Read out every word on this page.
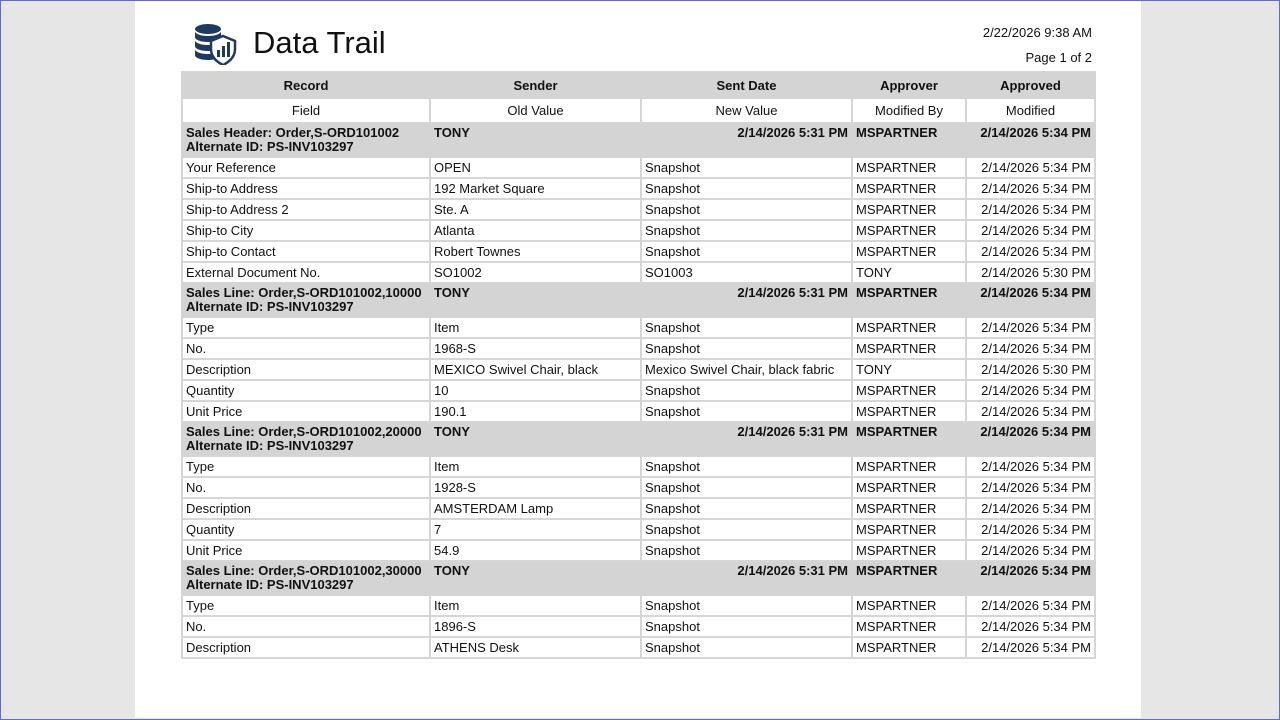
Data Trail	2/22/2026 9:38 AM
Page 1 of 2
Record	Sender	Sent Date	Approver	Approved
Field	Old Value	New Value	Modified By	Modified

Sales Header: Order,S-ORD101002
Alternate ID: PS-INV103297	TONY	2/14/2026 5:31 PM	MSPARTNER	2/14/2026 5:34 PM
Your Reference	OPEN	Snapshot	MSPARTNER	2/14/2026 5:34 PM
Ship-to Address	192 Market Square	Snapshot	MSPARTNER	2/14/2026 5:34 PM
Ship-to Address 2	Ste. A	Snapshot	MSPARTNER	2/14/2026 5:34 PM
Ship-to City	Atlanta	Snapshot	MSPARTNER	2/14/2026 5:34 PM
Ship-to Contact	Robert Townes	Snapshot	MSPARTNER	2/14/2026 5:34 PM
External Document No.	SO1002	SO1003	TONY	2/14/2026 5:30 PM

Sales Line: Order,S-ORD101002,10000
Alternate ID: PS-INV103297	TONY	2/14/2026 5:31 PM	MSPARTNER	2/14/2026 5:34 PM
Type	Item	Snapshot	MSPARTNER	2/14/2026 5:34 PM
No.	1968-S	Snapshot	MSPARTNER	2/14/2026 5:34 PM
Description	MEXICO Swivel Chair, black	Mexico Swivel Chair, black fabric	TONY	2/14/2026 5:30 PM
Quantity	10	Snapshot	MSPARTNER	2/14/2026 5:34 PM
Unit Price	190.1	Snapshot	MSPARTNER	2/14/2026 5:34 PM

Sales Line: Order,S-ORD101002,20000
Alternate ID: PS-INV103297	TONY	2/14/2026 5:31 PM	MSPARTNER	2/14/2026 5:34 PM
Type	Item	Snapshot	MSPARTNER	2/14/2026 5:34 PM
No.	1928-S	Snapshot	MSPARTNER	2/14/2026 5:34 PM
Description	AMSTERDAM Lamp	Snapshot	MSPARTNER	2/14/2026 5:34 PM
Quantity	7	Snapshot	MSPARTNER	2/14/2026 5:34 PM
Unit Price	54.9	Snapshot	MSPARTNER	2/14/2026 5:34 PM

Sales Line: Order,S-ORD101002,30000
Alternate ID: PS-INV103297	TONY	2/14/2026 5:31 PM	MSPARTNER	2/14/2026 5:34 PM
Type	Item	Snapshot	MSPARTNER	2/14/2026 5:34 PM
No.	1896-S	Snapshot	MSPARTNER	2/14/2026 5:34 PM
Description	ATHENS Desk	Snapshot	MSPARTNER	2/14/2026 5:34 PM
